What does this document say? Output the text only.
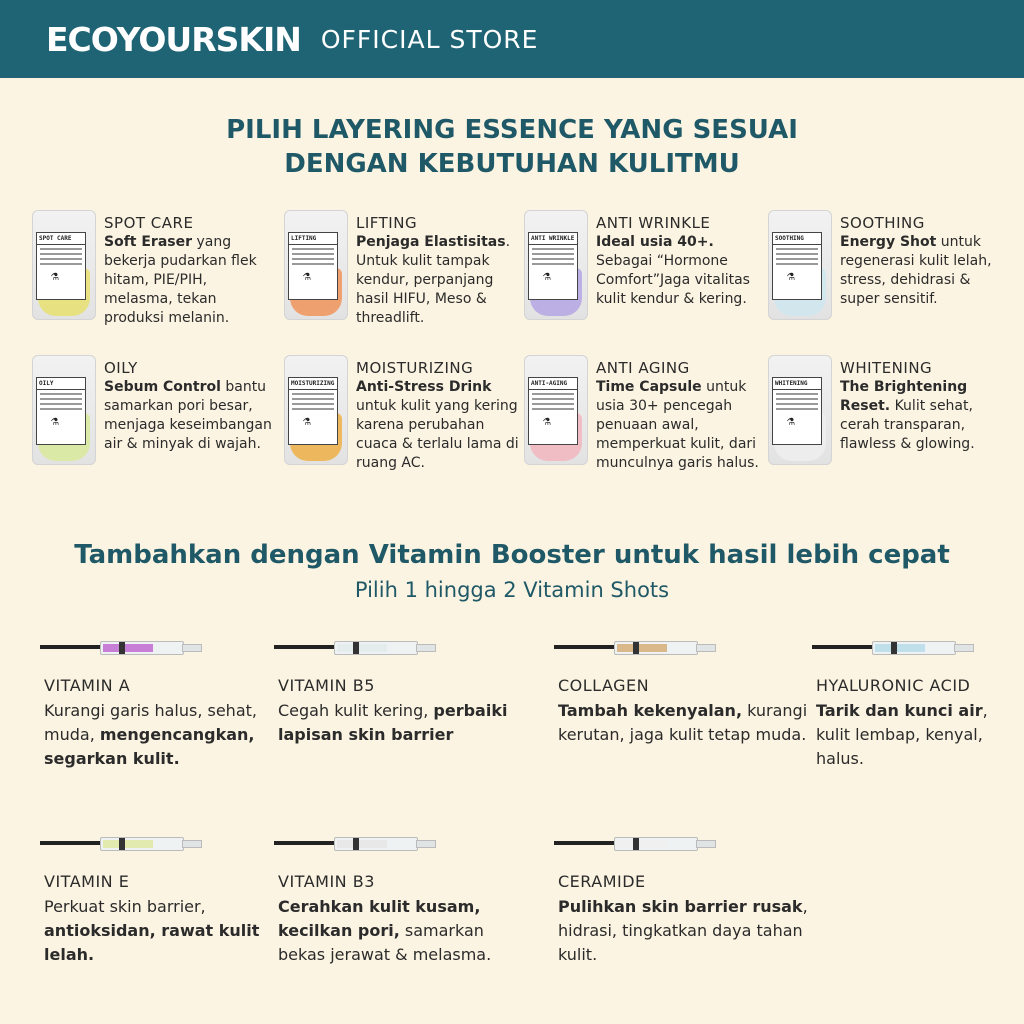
ECOYOURSKIN OFFICIAL STORE
PILIH LAYERING ESSENCE YANG SESUAI
DENGAN KEBUTUHAN KULITMU
SPOT CARE
⚗
SPOT CARE
Soft Eraser yang bekerja pudarkan flek hitam, PIE/PIH, melasma, tekan produksi melanin.
LIFTING
⚗
LIFTING
Penjaga Elastisitas. Untuk kulit tampak kendur, perpanjang hasil HIFU, Meso & threadlift.
ANTI WRINKLE
⚗
ANTI WRINKLE
Ideal usia 40+. Sebagai “Hormone Comfort”Jaga vitalitas kulit kendur & kering.
SOOTHING
⚗
SOOTHING
Energy Shot untuk regenerasi kulit lelah, stress, dehidrasi & super sensitif.
OILY
⚗
OILY
Sebum Control bantu samarkan pori besar, menjaga keseimbangan air & minyak di wajah.
MOISTURIZING
⚗
MOISTURIZING
Anti-Stress Drink untuk kulit yang kering karena perubahan cuaca & terlalu lama di ruang AC.
ANTI-AGING
⚗
ANTI AGING
Time Capsule untuk usia 30+ pencegah penuaan awal, memperkuat kulit, dari munculnya garis halus.
WHITENING
⚗
WHITENING
The Brightening Reset. Kulit sehat, cerah transparan, flawless & glowing.
Tambahkan dengan Vitamin Booster untuk hasil lebih cepat
Pilih 1 hingga 2 Vitamin Shots
VITAMIN A
Kurangi garis halus, sehat, muda, mengencangkan, segarkan kulit.
VITAMIN B5
Cegah kulit kering, perbaiki lapisan skin barrier
COLLAGEN
Tambah kekenyalan, kurangi kerutan, jaga kulit tetap muda.
HYALURONIC ACID
Tarik dan kunci air, kulit lembap, kenyal, halus.
VITAMIN E
Perkuat skin barrier, antioksidan, rawat kulit lelah.
VITAMIN B3
Cerahkan kulit kusam, kecilkan pori, samarkan bekas jerawat & melasma.
CERAMIDE
Pulihkan skin barrier rusak, hidrasi, tingkatkan daya tahan kulit.
